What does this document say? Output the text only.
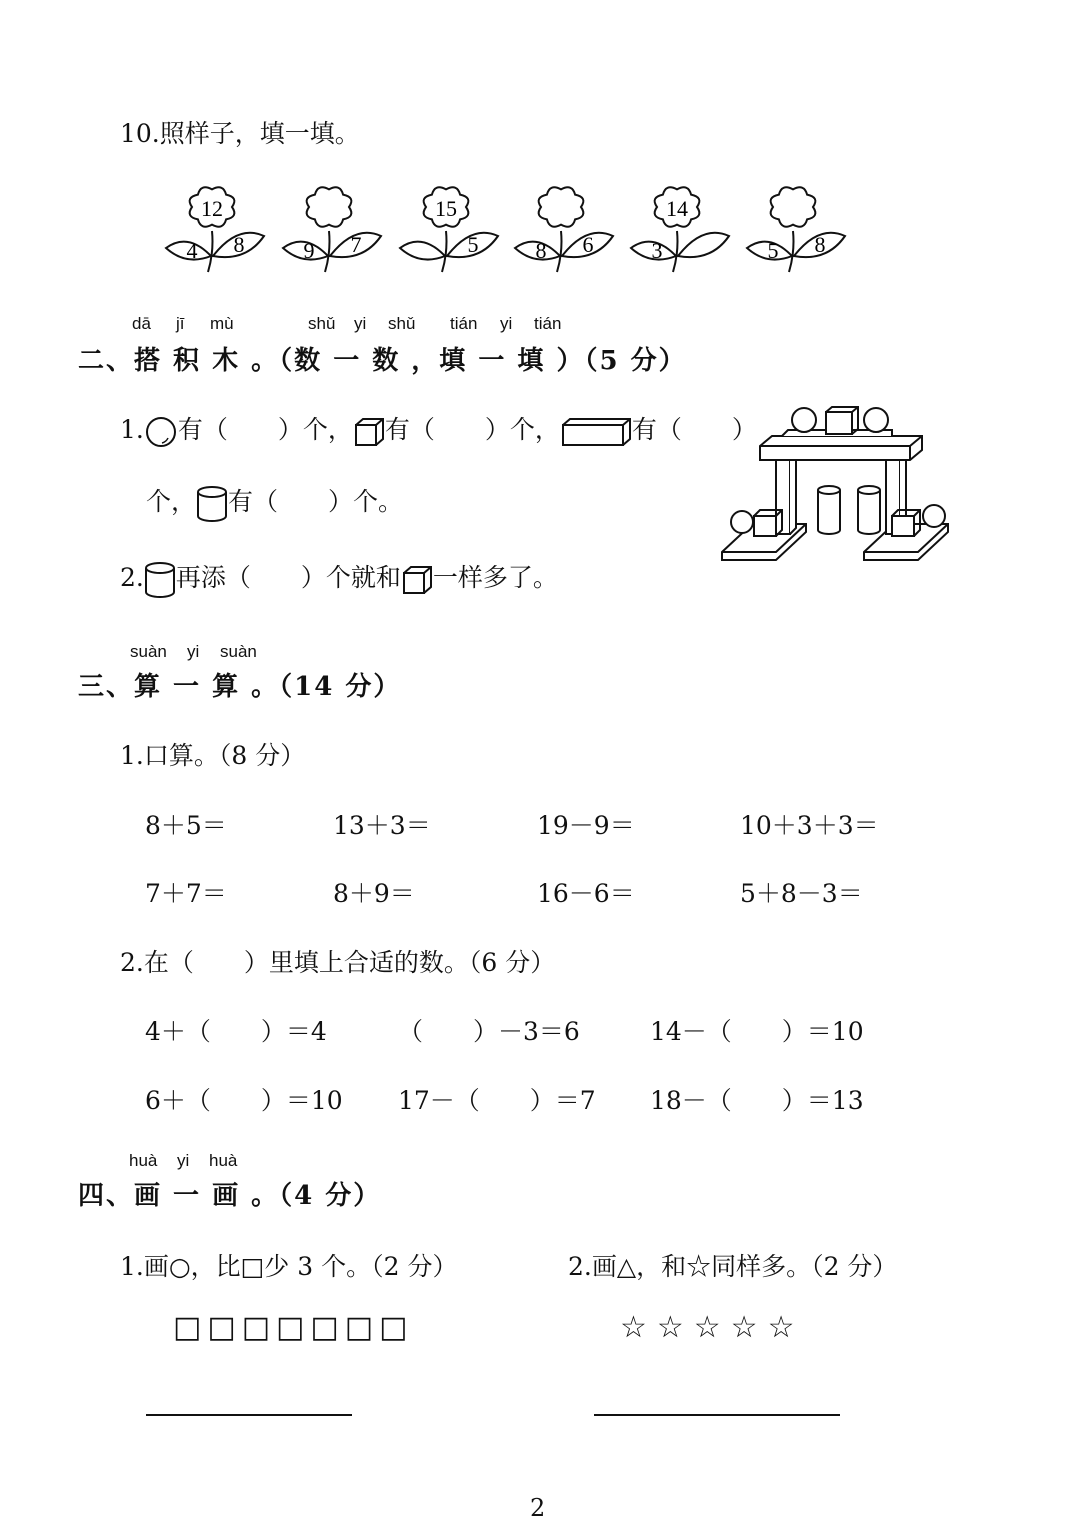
10.照样子，填一填。
12
4 8	9 7
15
5	8 6
14
3	5 8
dā jī mù	shǔ yi shǔ tián yi tián
二、搭 积 木 。（数 一 数 ，填 一 填 ）（5 分）
1. 有（　　）个， 有（　　）个，	有（　　）
个， 有（　　）个。
2. 再添（　　）个就和 一样多了。
suàn yi suàn
三、算 一 算 。（14 分）
1.口算。（8 分）
8＋5＝	13＋3＝	19－9＝	10＋3＋3＝
7＋7＝	8＋9＝	16－6＝	5＋8－3＝
2.在（　　）里填上合适的数。（6 分）
4＋（　　）＝4	（　　）－3＝6	14－（　　）＝10
6＋（　　）＝10 17－（　　）＝7 18－（　　）＝13
huà yi huà
四、画 一 画 。（4 分）
1.画○，比□少 3 个。（2 分）	2.画△，和☆同样多。（2 分）
□□□□□□□	☆☆☆☆☆
2
